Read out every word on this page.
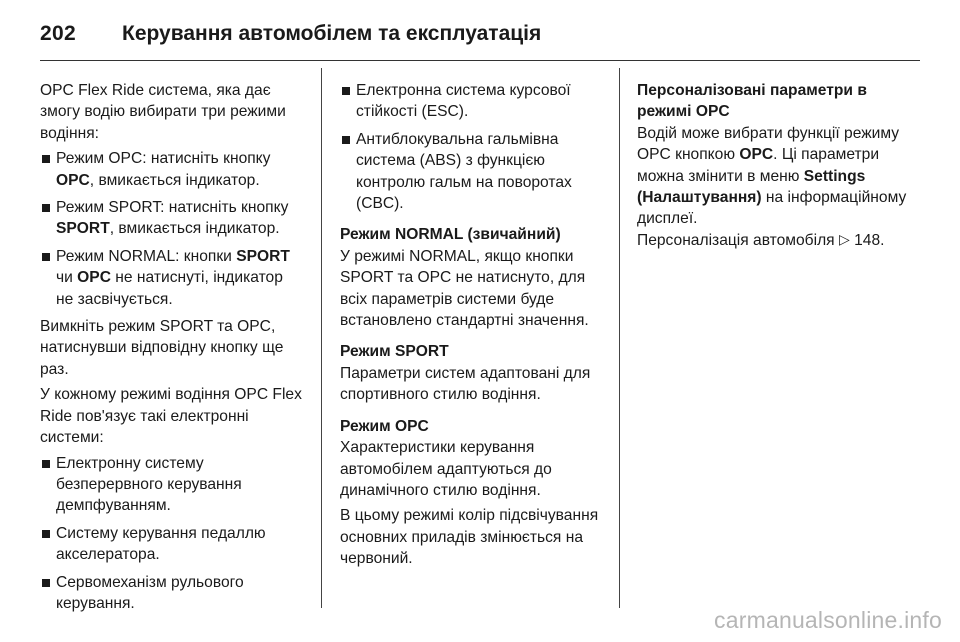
202	Керування автомобілем та експлуатація

OPC Flex Ride система, яка дає змогу водію вибирати три режими водіння:

Режим OPC: натисніть кнопку OPC, вмикається індикатор.
Режим SPORT: натисніть кнопку SPORT, вмикається індикатор.
Режим NORMAL: кнопки SPORT чи OPC не натиснуті, індикатор не засвічується.

Вимкніть режим SPORT та OPC, натиснувши відповідну кнопку ще раз.

У кожному режимі водіння OPC Flex Ride пов'язує такі електронні системи:

Електронну систему безперервного керування демпфуванням.
Систему керування педаллю акселератора.
Сервомеханізм рульового керування.
Електронна система курсової стійкості (ESC).
Антиблокувальна гальмівна система (ABS) з функцією контролю гальм на поворотах (CBC).
Режим NORMAL (звичайний)

У режимі NORMAL, якщо кнопки SPORT та OPC не натиснуто, для всіх параметрів системи буде встановлено стандартні значення.

Режим SPORT

Параметри систем адаптовані для спортивного стилю водіння.

Режим OPC

Характеристики керування автомобілем адаптуються до динамічного стилю водіння.

В цьому режимі колір підсвічування основних приладів змінюється на червоний.

Персоналізовані параметри в режимі OPC

Водій може вибрати функції режиму OPC кнопкою OPC. Ці параметри можна змінити в меню Settings (Налаштування) на інформаційному дисплеї.
Персоналізація автомобіля ▷ 148.

carmanualsonline.info
